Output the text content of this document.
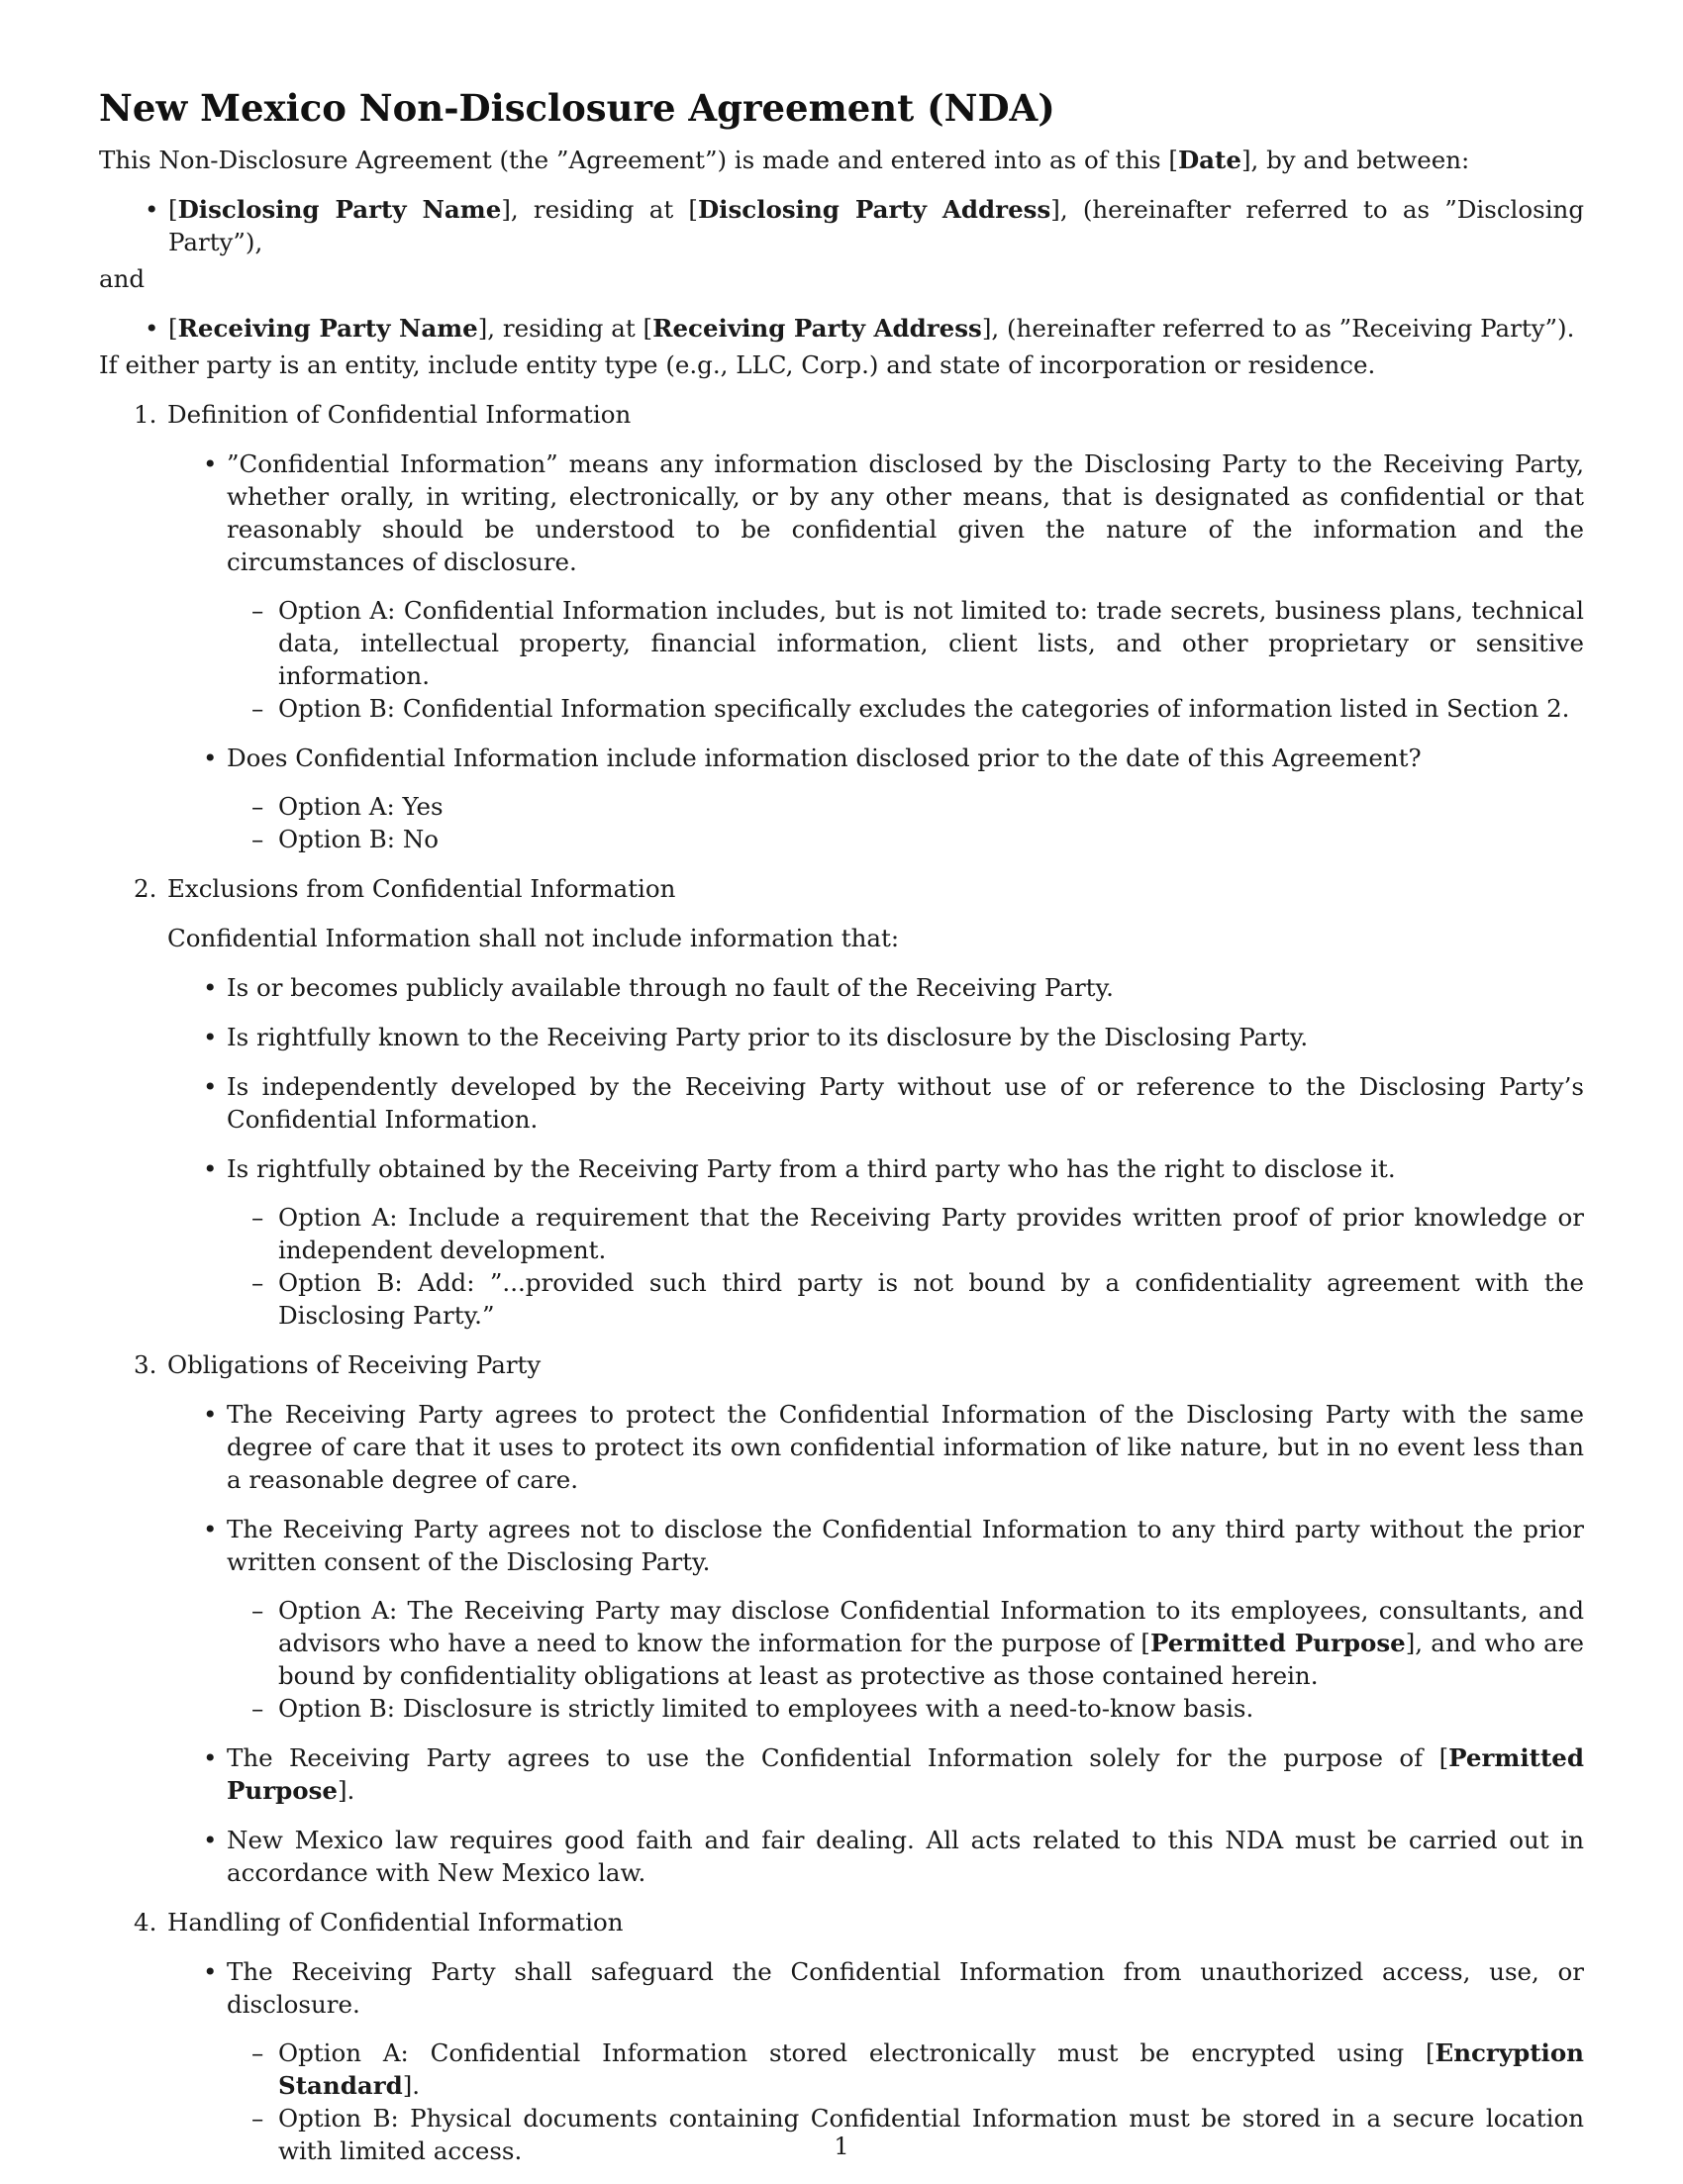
New Mexico Non-Disclosure Agreement (NDA)

This Non-Disclosure Agreement (the ”Agreement”) is made and entered into as of this [Date], by and between:

• [Disclosing Party Name], residing at [Disclosing Party Address], (hereinafter referred to as ”Disclosing Party”),

and

• [Receiving Party Name], residing at [Receiving Party Address], (hereinafter referred to as ”Receiving Party”).

If either party is an entity, include entity type (e.g., LLC, Corp.) and state of incorporation or residence.

1. Definition of Confidential Information
• ”Confidential Information” means any information disclosed by the Disclosing Party to the Receiving Party, whether orally, in writing, electronically, or by any other means, that is designated as confidential or that reasonably should be understood to be confidential given the nature of the information and the circumstances of disclosure.
– Option A: Confidential Information includes, but is not limited to: trade secrets, business plans, technical data, intellectual property, financial information, client lists, and other proprietary or sensitive information.
– Option B: Confidential Information specifically excludes the categories of information listed in Section 2.
• Does Confidential Information include information disclosed prior to the date of this Agreement?
– Option A: Yes
– Option B: No
2. Exclusions from Confidential Information

Confidential Information shall not include information that:

• Is or becomes publicly available through no fault of the Receiving Party.
• Is rightfully known to the Receiving Party prior to its disclosure by the Disclosing Party.
• Is independently developed by the Receiving Party without use of or reference to the Disclosing Party’s Confidential Information.
• Is rightfully obtained by the Receiving Party from a third party who has the right to disclose it.
– Option A: Include a requirement that the Receiving Party provides written proof of prior knowledge or independent development.
– Option B: Add: ”...provided such third party is not bound by a confidentiality agreement with the Disclosing Party.”
3. Obligations of Receiving Party
• The Receiving Party agrees to protect the Confidential Information of the Disclosing Party with the same degree of care that it uses to protect its own confidential information of like nature, but in no event less than a reasonable degree of care.
• The Receiving Party agrees not to disclose the Confidential Information to any third party without the prior written consent of the Disclosing Party.
– Option A: The Receiving Party may disclose Confidential Information to its employees, consultants, and advisors who have a need to know the information for the purpose of [Permitted Purpose], and who are bound by confidentiality obligations at least as protective as those contained herein.
– Option B: Disclosure is strictly limited to employees with a need-to-know basis.
• The Receiving Party agrees to use the Confidential Information solely for the purpose of [Permitted Purpose].
• New Mexico law requires good faith and fair dealing. All acts related to this NDA must be carried out in accordance with New Mexico law.
4. Handling of Confidential Information
• The Receiving Party shall safeguard the Confidential Information from unauthorized access, use, or disclosure.
– Option A: Confidential Information stored electronically must be encrypted using [Encryption Standard].
– Option B: Physical documents containing Confidential Information must be stored in a secure location with limited access.	1
